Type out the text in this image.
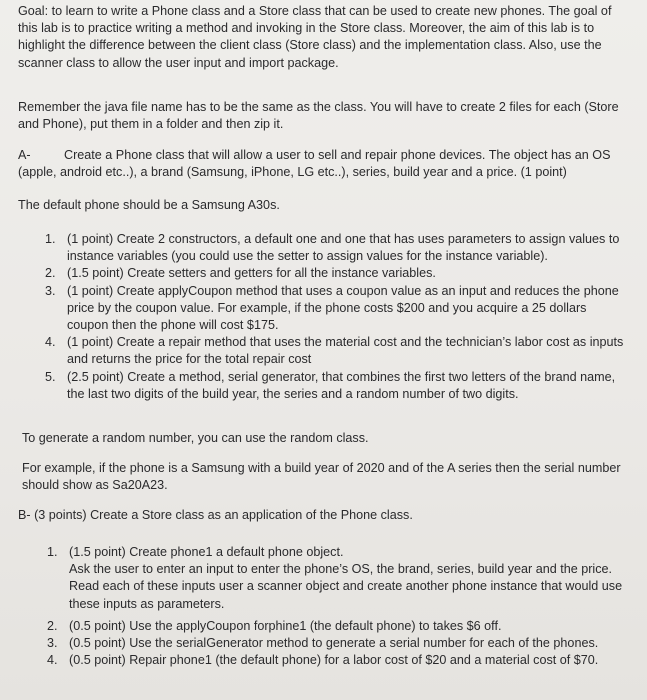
Goal: to learn to write a Phone class and a Store class that can be used to create new phones. The goal of this lab is to practice writing a method and invoking in the Store class. Moreover, the aim of this lab is to highlight the difference between the client class (Store class) and the implementation class. Also, use the scanner class to allow the user input and import package.

Remember the java file name has to be the same as the class. You will have to create 2 files for each (Store and Phone), put them in a folder and then zip it.

A-	Create a Phone class that will allow a user to sell and repair phone devices. The object has an OS (apple, android etc..), a brand (Samsung, iPhone, LG etc..), series, build year and a price. (1 point)

The default phone should be a Samsung A30s.

1. (1 point) Create 2 constructors, a default one and one that has uses parameters to assign values to instance variables (you could use the setter to assign values for the instance variable).
2. (1.5 point) Create setters and getters for all the instance variables.
3. (1 point) Create applyCoupon method that uses a coupon value as an input and reduces the phone price by the coupon value. For example, if the phone costs $200 and you acquire a 25 dollars coupon then the phone will cost $175.
4. (1 point) Create a repair method that uses the material cost and the technician’s labor cost as inputs and returns the price for the total repair cost
5. (2.5 point) Create a method, serial generator, that combines the first two letters of the brand name, the last two digits of the build year, the series and a random number of two digits.

To generate a random number, you can use the random class.

For example, if the phone is a Samsung with a build year of 2020 and of the A series then the serial number should show as Sa20A23.

B- (3 points) Create a Store class as an application of the Phone class.

1. (1.5 point) Create phone1 a default phone object.
Ask the user to enter an input to enter the phone’s OS, the brand, series, build year and the price. Read each of these inputs user a scanner object and create another phone instance that would use these inputs as parameters.
2. (0.5 point) Use the applyCoupon forphine1 (the default phone) to takes $6 off.
3. (0.5 point) Use the serialGenerator method to generate a serial number for each of the phones.
4. (0.5 point) Repair phone1 (the default phone) for a labor cost of $20 and a material cost of $70.
